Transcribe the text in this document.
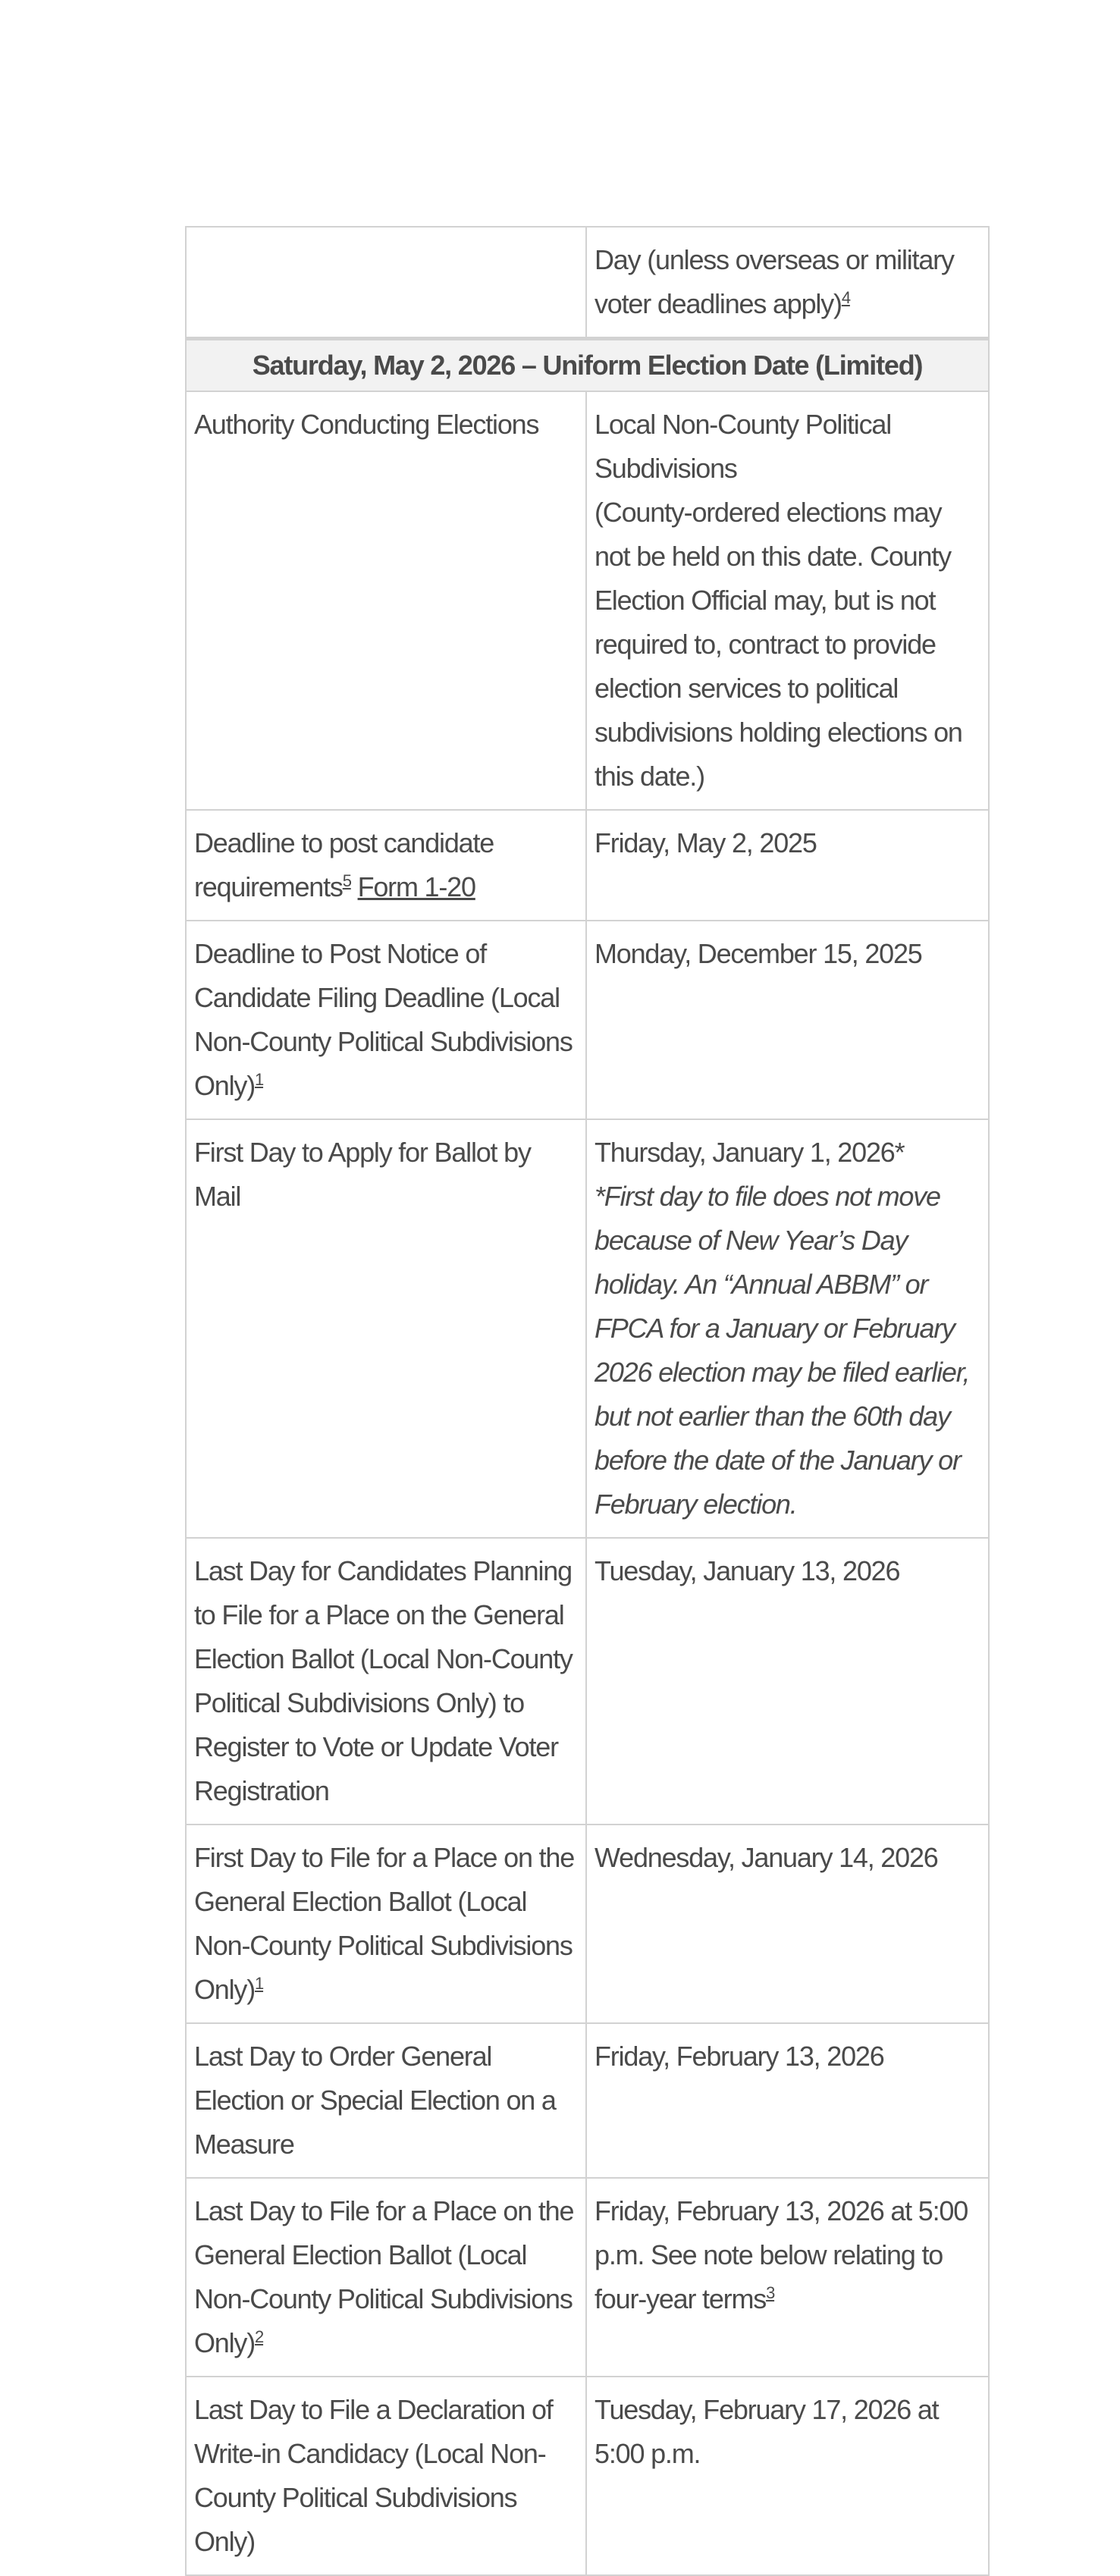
	Day (unless overseas or military voter deadlines apply)$^4$
Saturday, May 2, 2026 – Uniform Election Date (Limited)	
Authority Conducting Elections	Local Non-County Political Subdivisions
(County-ordered elections may not be held on this date. County Election Official may, but is not required to, contract to provide election services to political subdivisions holding elections on this date.)

Deadline to post candidate requirements$^5$ Form 1-20	Friday, May 2, 2025
Deadline to Post Notice of Candidate Filing Deadline (Local Non-County Political Subdivisions Only)$^1$	Monday, December 15, 2025
First Day to Apply for Ballot by Mail	Thursday, January 1, 2026*
*First day to file does not move because of New Year’s Day holiday. An “Annual ABBM” or FPCA for a January or February 2026 election may be filed earlier, but not earlier than the 60th day before the date of the January or February election.

Last Day for Candidates Planning to File for a Place on the General Election Ballot (Local Non-County Political Subdivisions Only) to Register to Vote or Update Voter Registration	Tuesday, January 13, 2026
First Day to File for a Place on the General Election Ballot (Local Non-County Political Subdivisions Only)$^1$	Wednesday, January 14, 2026
Last Day to Order General Election or Special Election on a Measure	Friday, February 13, 2026
Last Day to File for a Place on the General Election Ballot (Local Non-County Political Subdivisions Only)$^2$	Friday, February 13, 2026 at 5:00 p.m. See note below relating to four-year terms$^3$
Last Day to File a Declaration of Write-in Candidacy (Local Non-County Political Subdivisions Only)	Tuesday, February 17, 2026 at 5:00 p.m.
